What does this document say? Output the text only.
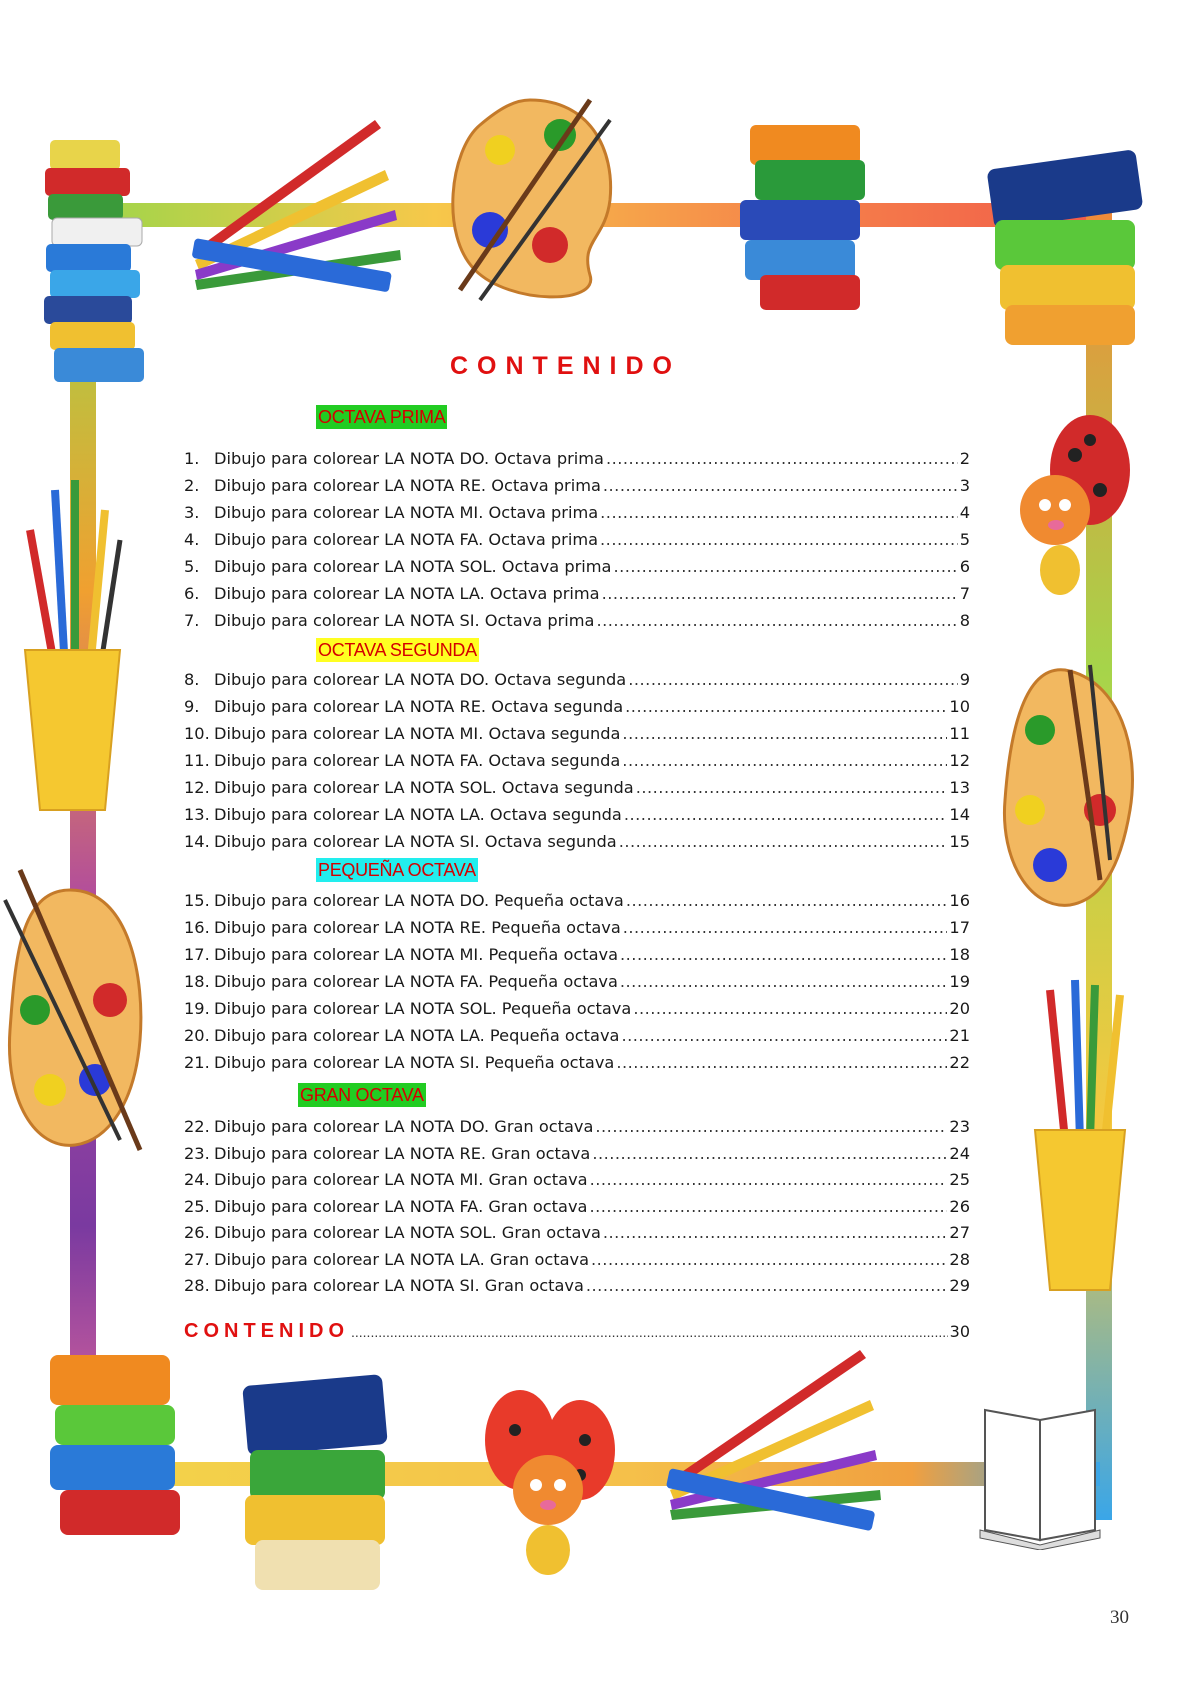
CONTENIDO
OCTAVA PRIMA
1. Dibujo para colorear LA NOTA DO. Octava prima .....	2
2. Dibujo para colorear LA NOTA RE. Octava prima .....	3
3. Dibujo para colorear LA NOTA MI. Octava prima .....	4
4. Dibujo para colorear LA NOTA FA. Octava prima .....	5
5. Dibujo para colorear LA NOTA SOL. Octava prima .....	6
6. Dibujo para colorear LA NOTA LA. Octava prima .....	7
7. Dibujo para colorear LA NOTA SI. Octava prima .....	8
OCTAVA SEGUNDA
8. Dibujo para colorear LA NOTA DO. Octava segunda .....	9
9. Dibujo para colorear LA NOTA RE. Octava segunda .....	10
10. Dibujo para colorear LA NOTA MI. Octava segunda .....	11
11. Dibujo para colorear LA NOTA FA. Octava segunda .....	12
12. Dibujo para colorear LA NOTA SOL. Octava segunda .....	13
13. Dibujo para colorear LA NOTA LA. Octava segunda .....	14
14. Dibujo para colorear LA NOTA SI. Octava segunda .....	15
PEQUEÑA OCTAVA
15. Dibujo para colorear LA NOTA DO. Pequeña octava .....	16
16. Dibujo para colorear LA NOTA RE. Pequeña octava .....	17
17. Dibujo para colorear LA NOTA MI. Pequeña octava .....	18
18. Dibujo para colorear LA NOTA FA. Pequeña octava .....	19
19. Dibujo para colorear LA NOTA SOL. Pequeña octava .....	20
20. Dibujo para colorear LA NOTA LA. Pequeña octava .....	21
21. Dibujo para colorear LA NOTA SI. Pequeña octava .....	22
GRAN OCTAVA
22. Dibujo para colorear LA NOTA DO. Gran octava .....	23
23. Dibujo para colorear LA NOTA RE. Gran octava .....	24
24. Dibujo para colorear LA NOTA MI. Gran octava .....	25
25. Dibujo para colorear LA NOTA FA. Gran octava .....	26
26. Dibujo para colorear LA NOTA SOL. Gran octava .....	27
27. Dibujo para colorear LA NOTA LA. Gran octava .....	28
28. Dibujo para colorear LA NOTA SI. Gran octava .....	29
CONTENIDO .....	30
30
